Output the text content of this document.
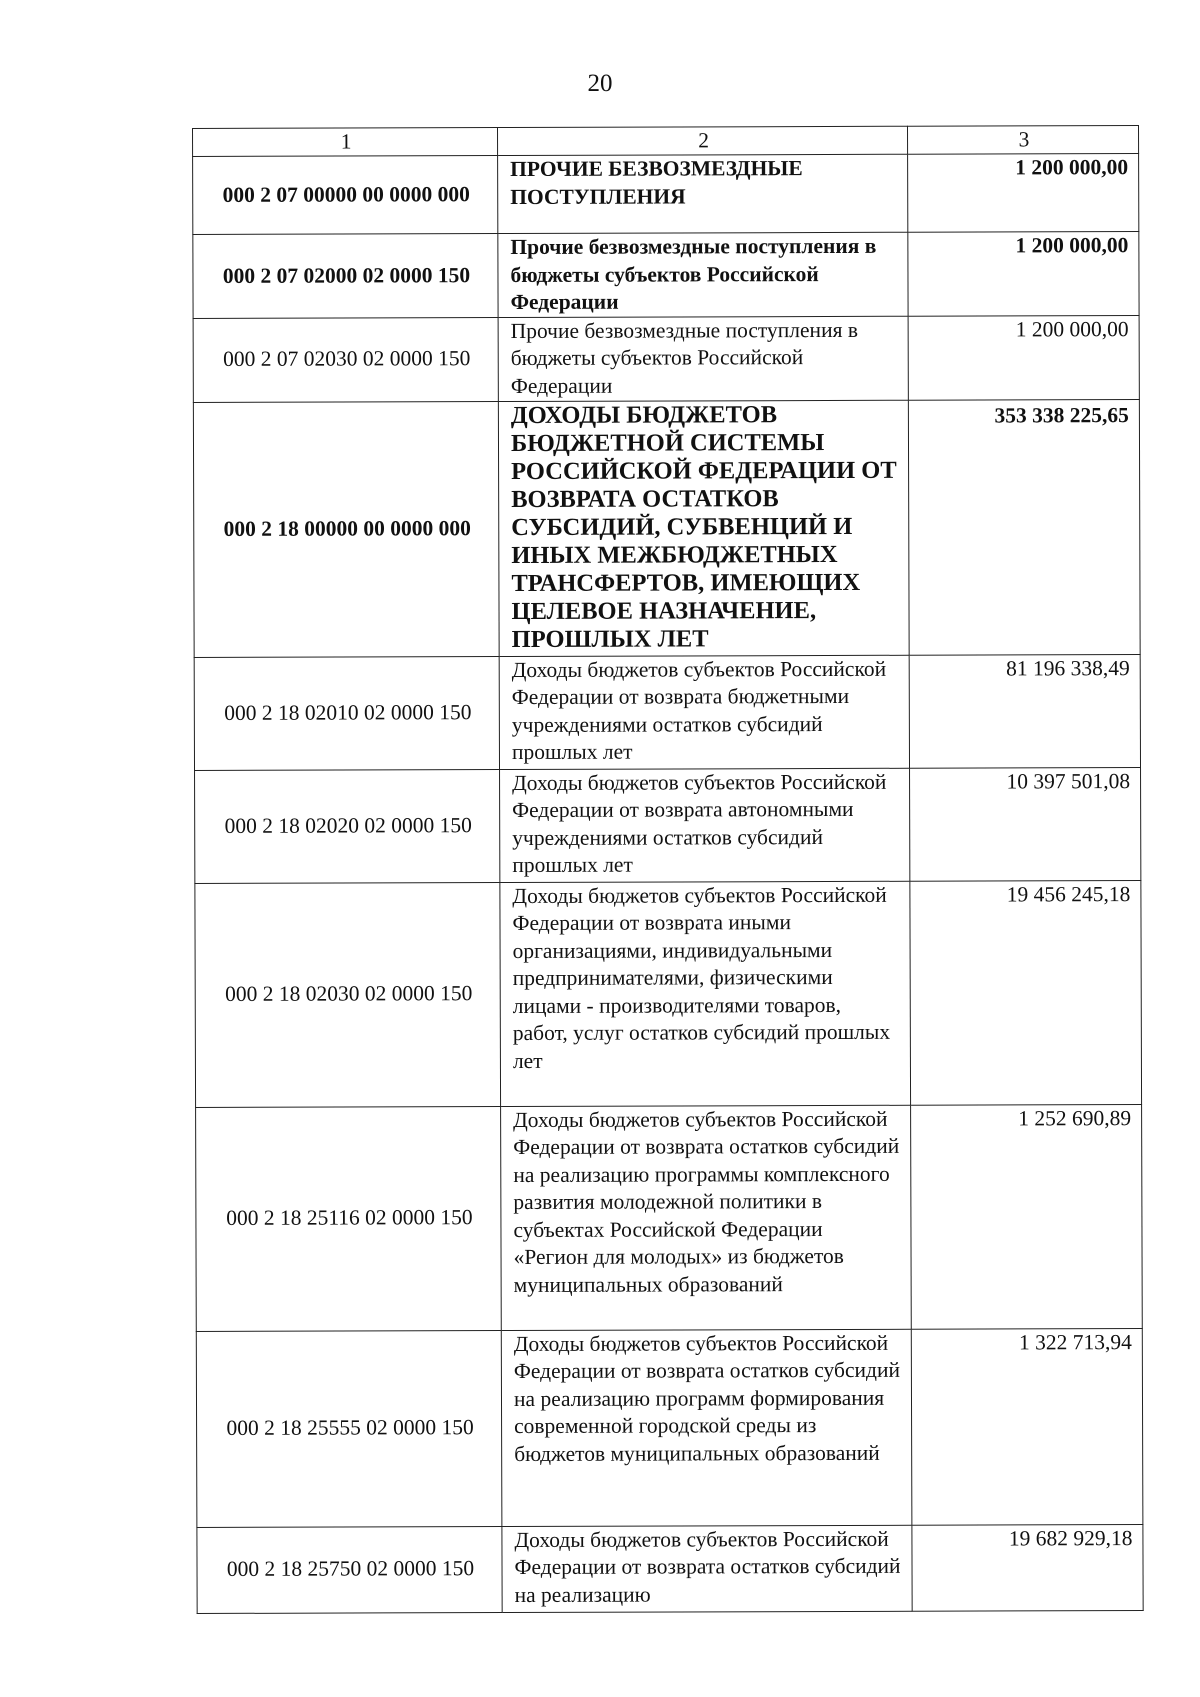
20
1	2	3
000 2 07 00000 00 0000 000	ПРОЧИЕ БЕЗВОЗМЕЗДНЫЕ ПОСТУПЛЕНИЯ	1 200 000,00
000 2 07 02000 02 0000 150	Прочие безвозмездные поступления в бюджеты субъектов Российской Федерации	1 200 000,00
000 2 07 02030 02 0000 150	Прочие безвозмездные поступления в бюджеты субъектов Российской Федерации	1 200 000,00
000 2 18 00000 00 0000 000	ДОХОДЫ БЮДЖЕТОВ БЮДЖЕТНОЙ СИСТЕМЫ РОССИЙСКОЙ ФЕДЕРАЦИИ ОТ ВОЗВРАТА ОСТАТКОВ СУБСИДИЙ, СУБВЕНЦИЙ И ИНЫХ МЕЖБЮДЖЕТНЫХ ТРАНСФЕРТОВ, ИМЕЮЩИХ ЦЕЛЕВОЕ НАЗНАЧЕНИЕ, ПРОШЛЫХ ЛЕТ	353 338 225,65
000 2 18 02010 02 0000 150	Доходы бюджетов субъектов Российской Федерации от возврата бюджетными учреждениями остатков субсидий прошлых лет	81 196 338,49
000 2 18 02020 02 0000 150	Доходы бюджетов субъектов Российской Федерации от возврата автономными учреждениями остатков субсидий прошлых лет	10 397 501,08
000 2 18 02030 02 0000 150	Доходы бюджетов субъектов Российской Федерации от возврата иными организациями, индивидуальными предпринимателями, физическими лицами - производителями товаров, работ, услуг остатков субсидий прошлых лет	19 456 245,18
000 2 18 25116 02 0000 150	Доходы бюджетов субъектов Российской Федерации от возврата остатков субсидий на реализацию программы комплексного развития молодежной политики в субъектах Российской Федерации «Регион для молодых» из бюджетов муниципальных образований	1 252 690,89
000 2 18 25555 02 0000 150	Доходы бюджетов субъектов Российской Федерации от возврата остатков субсидий на реализацию программ формирования современной городской среды из бюджетов муниципальных образований	1 322 713,94
000 2 18 25750 02 0000 150	Доходы бюджетов субъектов Российской Федерации от возврата остатков субсидий на реализацию	19 682 929,18
